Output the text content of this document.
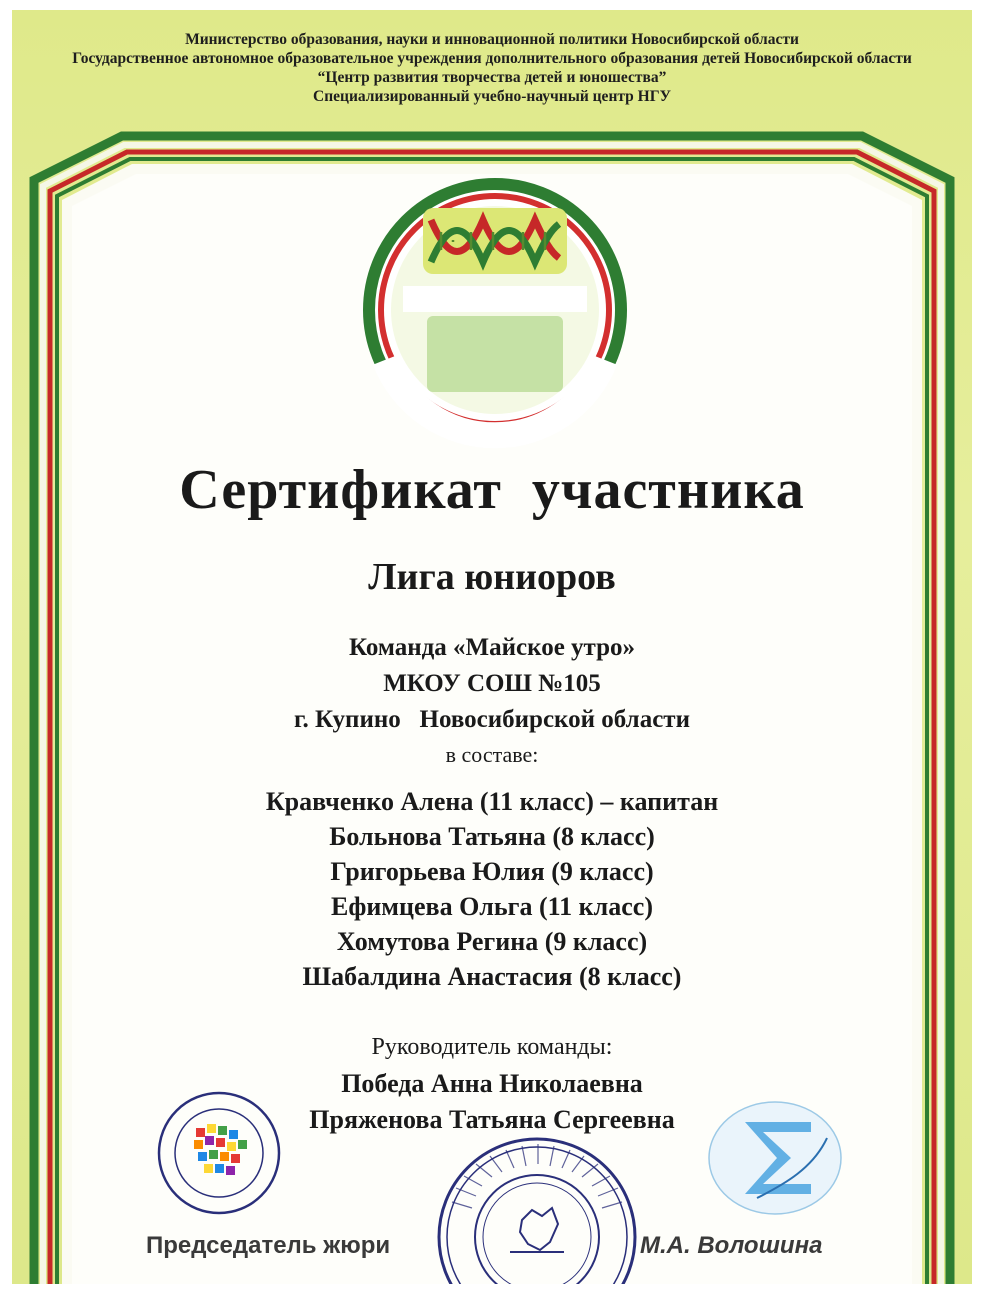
Министерство образования, науки и инновационной политики Новосибирской области
Государственное автономное образовательное учреждения дополнительного образования детей Новосибирской области
“Центр развития творчества детей и юношества”
Специализированный учебно-научный центр НГУ
Сертификат  участника
Лига юниоров
Команда «Майское утро»
МКОУ СОШ №105
г. Купино   Новосибирской области
в составе:
Кравченко Алена (11 класс) – капитан
Больнова Татьяна (8 класс)
Григорьева Юлия (9 класс)
Ефимцева Ольга (11 класс)
Хомутова Регина (9 класс)
Шабалдина Анастасия (8 класс)
Руководитель команды:
Победа Анна Николаевна
Пряженова Татьяна Сергеевна
Председатель жюри	М.А. Волошина
